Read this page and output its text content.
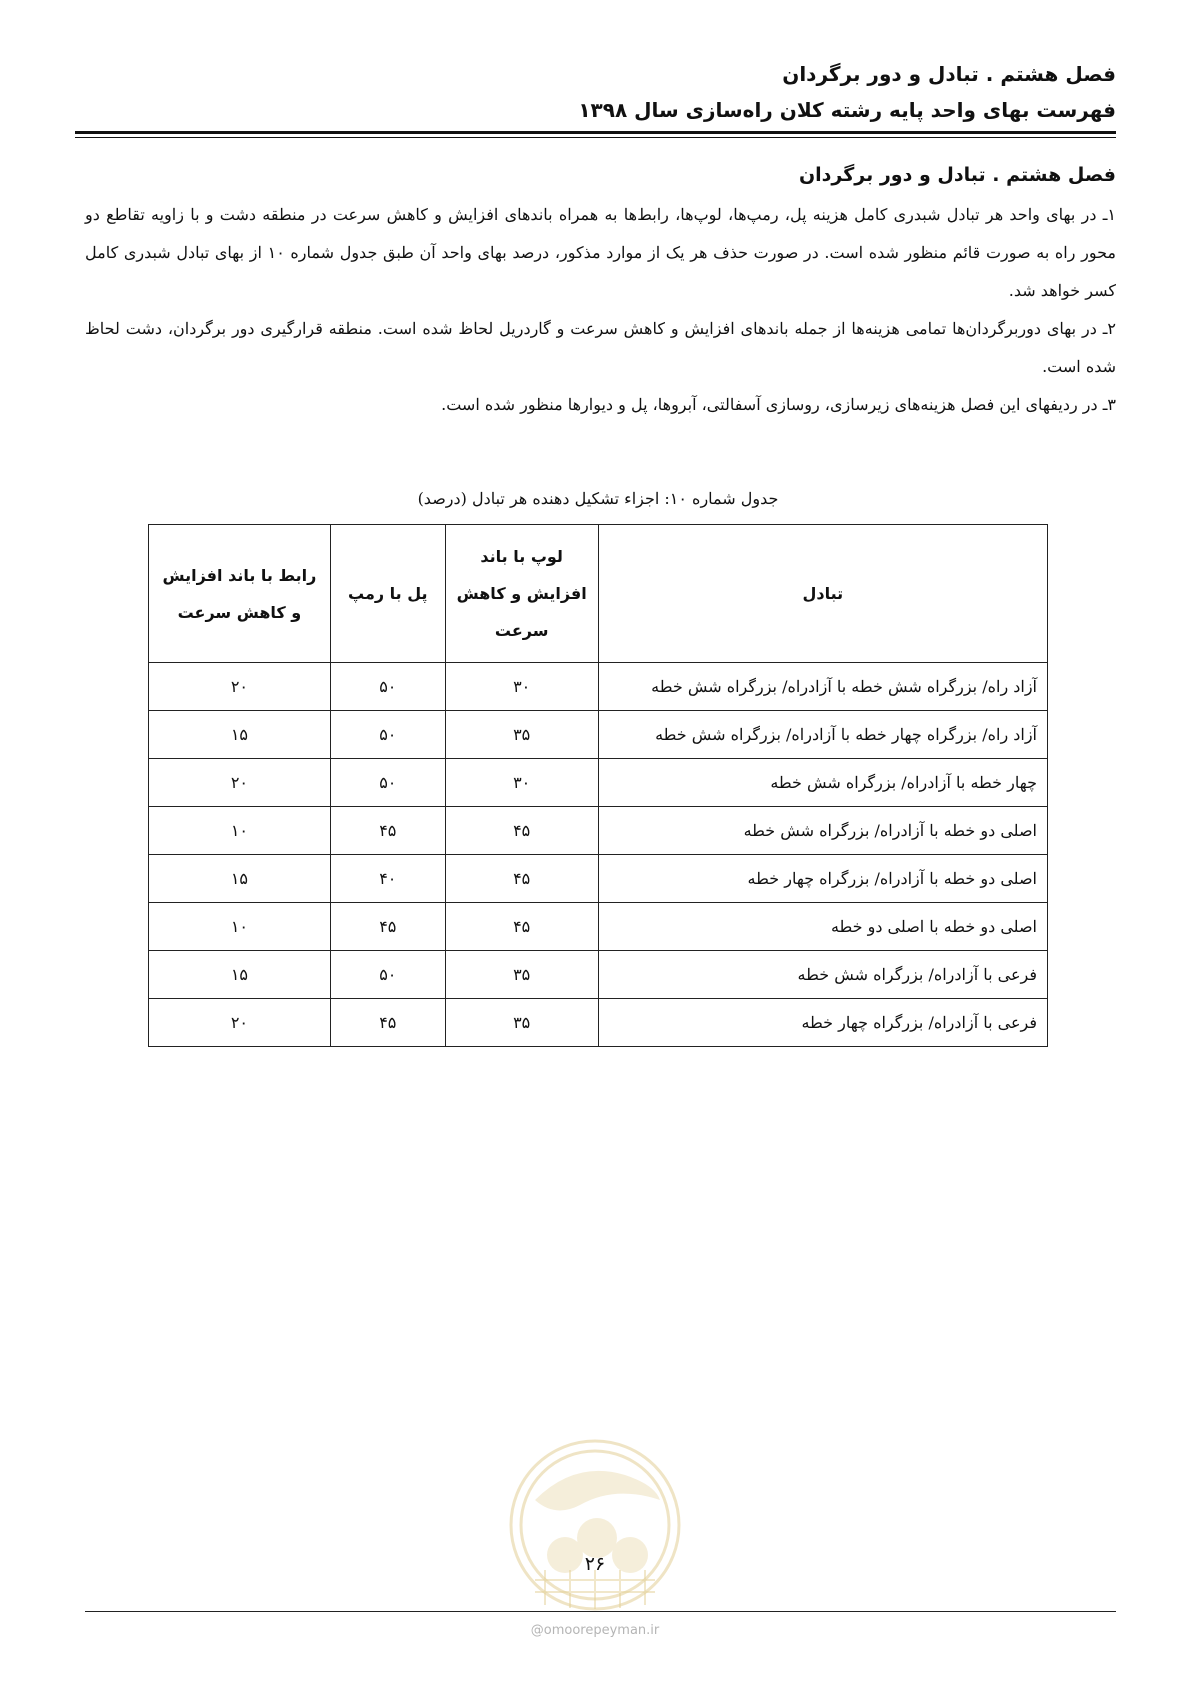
فصل هشتم . تبادل و دور برگردان
فهرست بهای واحد پایه رشته کلان راه‌سازی سال ۱۳۹۸
فصل هشتم . تبادل و دور برگردان

۱ـ در بهای واحد هر تبادل شبدری کامل هزینه پل، رمپ‌ها، لوپ‌ها، رابط‌ها به همراه باندهای افزایش و کاهش سرعت در منطقه دشت و با زاویه تقاطع دو محور راه به صورت قائم منظور شده است. در صورت حذف هر یک از موارد مذکور، درصد بهای واحد آن طبق جدول شماره ۱۰ از بهای تبادل شبدری کامل کسر خواهد شد.

۲ـ در بهای دوربرگردان‌ها تمامی هزینه‌ها از جمله باندهای افزایش و کاهش سرعت و گاردریل لحاظ شده است. منطقه قرارگیری دور برگردان، دشت لحاظ شده است.

۳ـ در ردیفهای این فصل هزینه‌های زیرسازی، روسازی آسفالتی، آبروها، پل و دیوارها منظور شده است.

جدول شماره ۱۰: اجزاء تشکیل دهنده هر تبادل (درصد)
تبادل	لوپ با باند افزایش و کاهش سرعت	پل با رمپ	رابط با باند افزایش و کاهش سرعت
آزاد راه/ بزرگراه شش خطه با آزادراه/ بزرگراه شش خطه	۳۰	۵۰	۲۰
آزاد راه/ بزرگراه چهار خطه با آزادراه/ بزرگراه شش خطه	۳۵	۵۰	۱۵
چهار خطه با آزادراه/ بزرگراه شش خطه	۳۰	۵۰	۲۰
اصلی دو خطه با آزادراه/ بزرگراه شش خطه	۴۵	۴۵	۱۰
اصلی دو خطه با آزادراه/ بزرگراه چهار خطه	۴۵	۴۰	۱۵
اصلی دو خطه با اصلی دو خطه	۴۵	۴۵	۱۰
فرعی با آزادراه/ بزرگراه شش خطه	۳۵	۵۰	۱۵
فرعی با آزادراه/ بزرگراه چهار خطه	۳۵	۴۵	۲۰
۲۶
@omoorepeyman.ir
